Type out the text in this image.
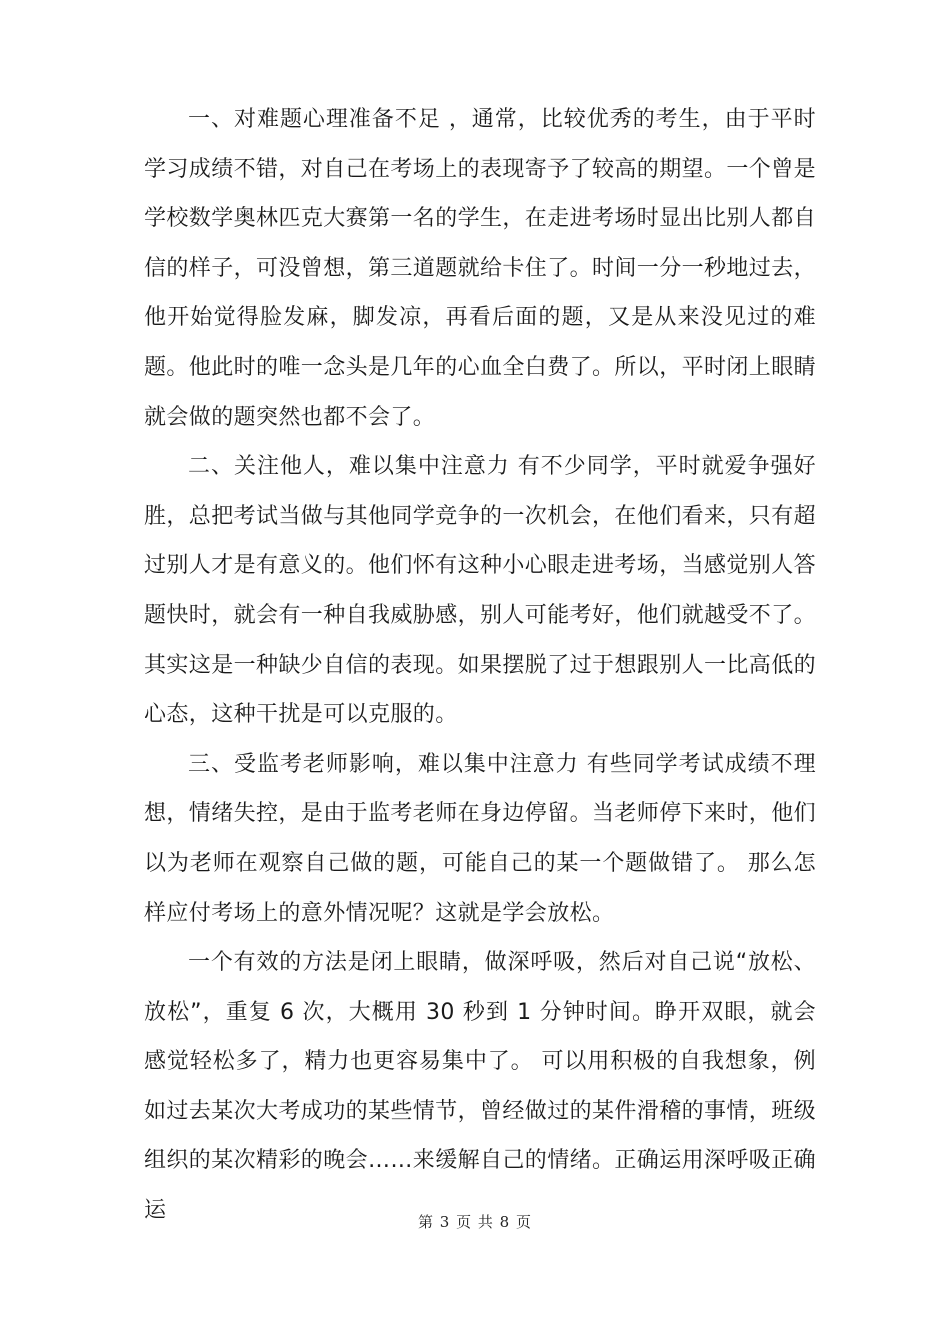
一、对难题心理准备不足 ，通常，比较优秀的考生，由于平时学习成绩不错，对自己在考场上的表现寄予了较高的期望。一个曾是学校数学奥林匹克大赛第一名的学生，在走进考场时显出比别人都自信的样子，可没曾想，第三道题就给卡住了。时间一分一秒地过去，他开始觉得脸发麻，脚发凉，再看后面的题，又是从来没见过的难题。他此时的唯一念头是几年的心血全白费了。所以，平时闭上眼睛就会做的题突然也都不会了。

二、关注他人，难以集中注意力 有不少同学，平时就爱争强好胜，总把考试当做与其他同学竞争的一次机会，在他们看来，只有超过别人才是有意义的。他们怀有这种小心眼走进考场，当感觉别人答题快时，就会有一种自我威胁感，别人可能考好，他们就越受不了。其实这是一种缺少自信的表现。如果摆脱了过于想跟别人一比高低的心态，这种干扰是可以克服的。

三、受监考老师影响，难以集中注意力 有些同学考试成绩不理想，情绪失控，是由于监考老师在身边停留。当老师停下来时，他们以为老师在观察自己做的题，可能自己的某一个题做错了。 那么怎样应付考场上的意外情况呢？这就是学会放松。

一个有效的方法是闭上眼睛，做深呼吸，然后对自己说“放松、放松”，重复 6 次，大概用 30 秒到 1 分钟时间。睁开双眼，就会感觉轻松多了，精力也更容易集中了。 可以用积极的自我想象，例如过去某次大考成功的某些情节，曾经做过的某件滑稽的事情，班级组织的某次精彩的晚会……来缓解自己的情绪。正确运用深呼吸正确运	第 3 页 共 8 页
